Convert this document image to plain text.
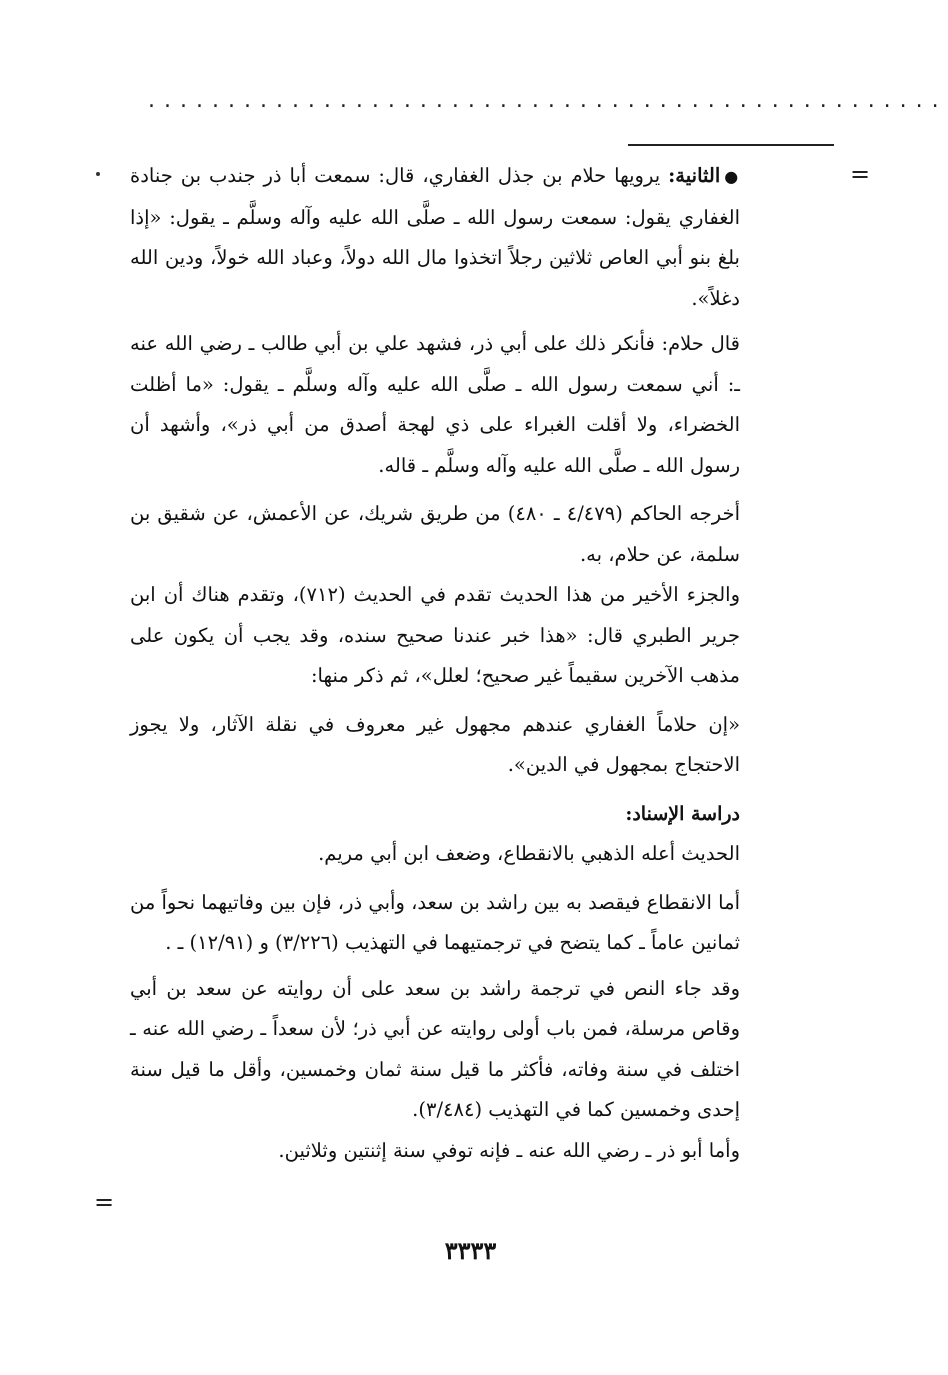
..................................................
=

●الثانية: يرويها حلام بن جذل الغفاري، قال: سمعت أبا ذر جندب بن جنادة الغفاري يقول: سمعت رسول الله ـ صلَّى الله عليه وآله وسلَّم ـ يقول: «إذا بلغ بنو أبي العاص ثلاثين رجلاً اتخذوا مال الله دولاً، وعباد الله خولاً، ودين الله دغلاً».

قال حلام: فأنكر ذلك على أبي ذر، فشهد علي بن أبي طالب ـ رضي الله عنه ـ: أني سمعت رسول الله ـ صلَّى الله عليه وآله وسلَّم ـ يقول: «ما أظلت الخضراء، ولا أقلت الغبراء على ذي لهجة أصدق من أبي ذر»، وأشهد أن رسول الله ـ صلَّى الله عليه وآله وسلَّم ـ قاله.

أخرجه الحاكم (٤/٤٧٩ ـ ٤٨٠) من طريق شريك، عن الأعمش، عن شقيق بن سلمة، عن حلام، به.

والجزء الأخير من هذا الحديث تقدم في الحديث (٧١٢)، وتقدم هناك أن ابن جرير الطبري قال: «هذا خبر عندنا صحيح سنده، وقد يجب أن يكون على مذهب الآخرين سقيماً غير صحيح؛ لعلل»، ثم ذكر منها:

«إن حلاماً الغفاري عندهم مجهول غير معروف في نقلة الآثار، ولا يجوز الاحتجاج بمجهول في الدين».

دراسة الإسناد:

الحديث أعله الذهبي بالانقطاع، وضعف ابن أبي مريم.

أما الانقطاع فيقصد به بين راشد بن سعد، وأبي ذر، فإن بين وفاتيهما نحواً من ثمانين عاماً ـ كما يتضح في ترجمتيهما في التهذيب (٣/٢٢٦) و (١٢/٩١) ـ .

وقد جاء النص في ترجمة راشد بن سعد على أن روايته عن سعد بن أبي وقاص مرسلة، فمن باب أولى روايته عن أبي ذر؛ لأن سعداً ـ رضي الله عنه ـ اختلف في سنة وفاته، فأكثر ما قيل سنة ثمان وخمسين، وأقل ما قيل سنة إحدى وخمسين كما في التهذيب (٣/٤٨٤).

وأما أبو ذر ـ رضي الله عنه ـ فإنه توفي سنة إثنتين وثلاثين.

=
٣٣٣٣
